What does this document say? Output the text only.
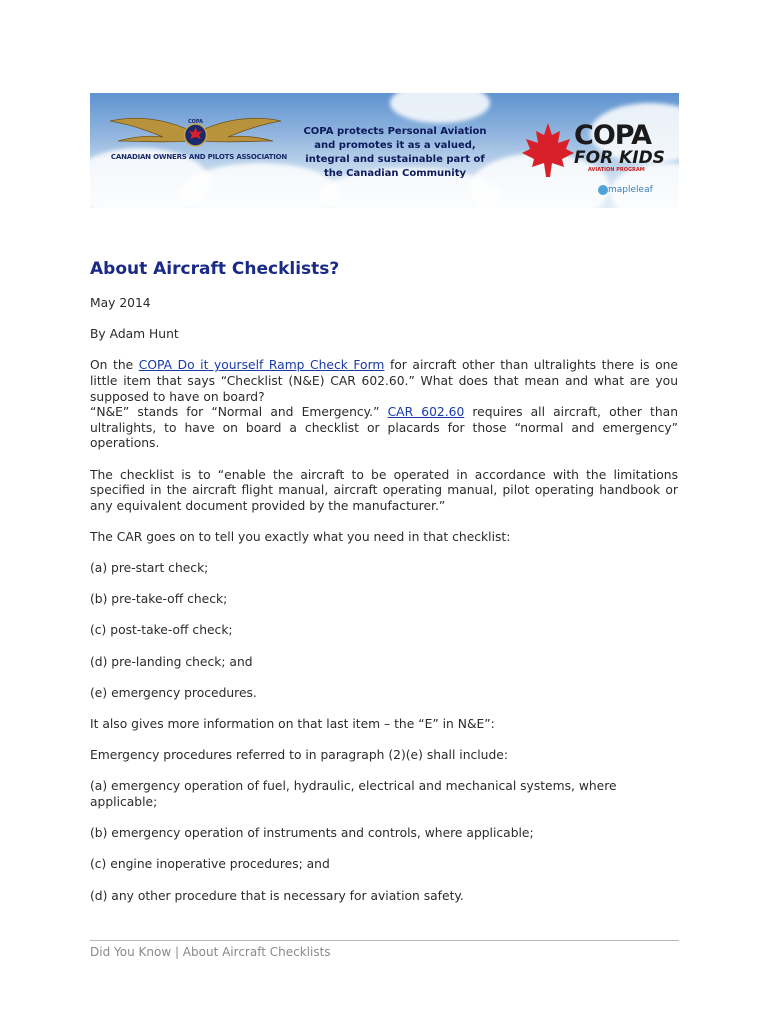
COPA
CANADIAN OWNERS AND PILOTS ASSOCIATION
COPA protects Personal Aviation and promotes it as a valued, integral and sustainable part of the Canadian Community
COPA
FOR KIDS
AVIATION PROGRAM
mapleleaf
About Aircraft Checklists?

May 2014

By Adam Hunt

On the COPA Do it yourself Ramp Check Form for aircraft other than ultralights there is one little item that says “Checklist (N&E) CAR 602.60.” What does that mean and what are you supposed to have on board?

“N&E” stands for “Normal and Emergency.” CAR 602.60 requires all aircraft, other than ultralights, to have on board a checklist or placards for those “normal and emergency” operations.

The checklist is to “enable the aircraft to be operated in accordance with the limitations specified in the aircraft flight manual, aircraft operating manual, pilot operating handbook or any equivalent document provided by the manufacturer.”

The CAR goes on to tell you exactly what you need in that checklist:

(a) pre-start check;

(b) pre-take-off check;

(c) post-take-off check;

(d) pre-landing check; and

(e) emergency procedures.

It also gives more information on that last item – the “E” in N&E”:

Emergency procedures referred to in paragraph (2)(e) shall include:

(a) emergency operation of fuel, hydraulic, electrical and mechanical systems, where applicable;

(b) emergency operation of instruments and controls, where applicable;

(c) engine inoperative procedures; and

(d) any other procedure that is necessary for aviation safety.

Did You Know | About Aircraft Checklists
